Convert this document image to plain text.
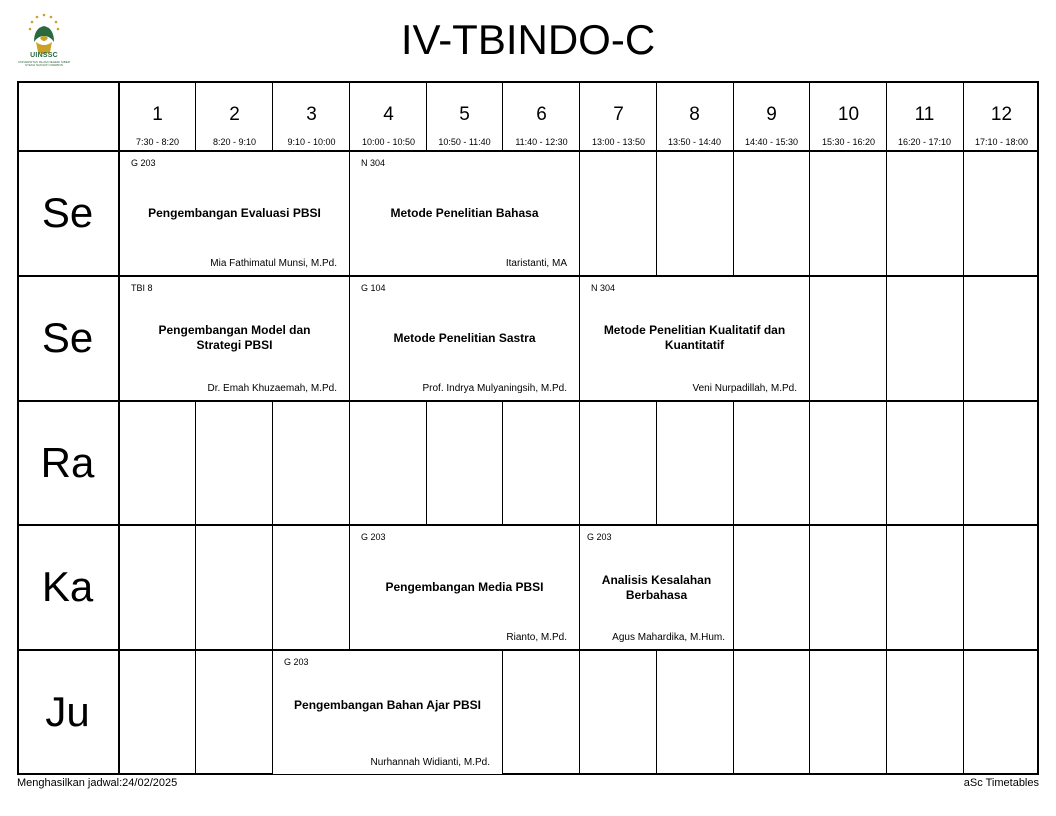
UINSSC
UNIVERSITAS ISLAM NEGERI SIBER SYEKH NURJATI CIREBON
IV-TBINDO-C
1
7:30 - 8:20
2
8:20 - 9:10
3
9:10 - 10:00
4
10:00 - 10:50
5
10:50 - 11:40
6
11:40 - 12:30
7
13:00 - 13:50
8
13:50 - 14:40
9
14:40 - 15:30
10
15:30 - 16:20
11
16:20 - 17:10
12
17:10 - 18:00
Se
Se
Ra
Ka
Ju
G 203
Pengembangan Evaluasi PBSI
Mia Fathimatul Munsi, M.Pd.
N 304
Metode Penelitian Bahasa
Itaristanti, MA
TBI 8
Pengembangan Model dan Strategi PBSI
Dr. Emah Khuzaemah, M.Pd.
G 104
Metode Penelitian Sastra
Prof. Indrya Mulyaningsih, M.Pd.
N 304
Metode Penelitian Kualitatif dan Kuantitatif
Veni Nurpadillah, M.Pd.
G 203
Pengembangan Media PBSI
Rianto, M.Pd.
G 203
Analisis Kesalahan Berbahasa
Agus Mahardika, M.Hum.
G 203
Pengembangan Bahan Ajar PBSI
Nurhannah Widianti, M.Pd.
Menghasilkan jadwal:24/02/2025	aSc Timetables
